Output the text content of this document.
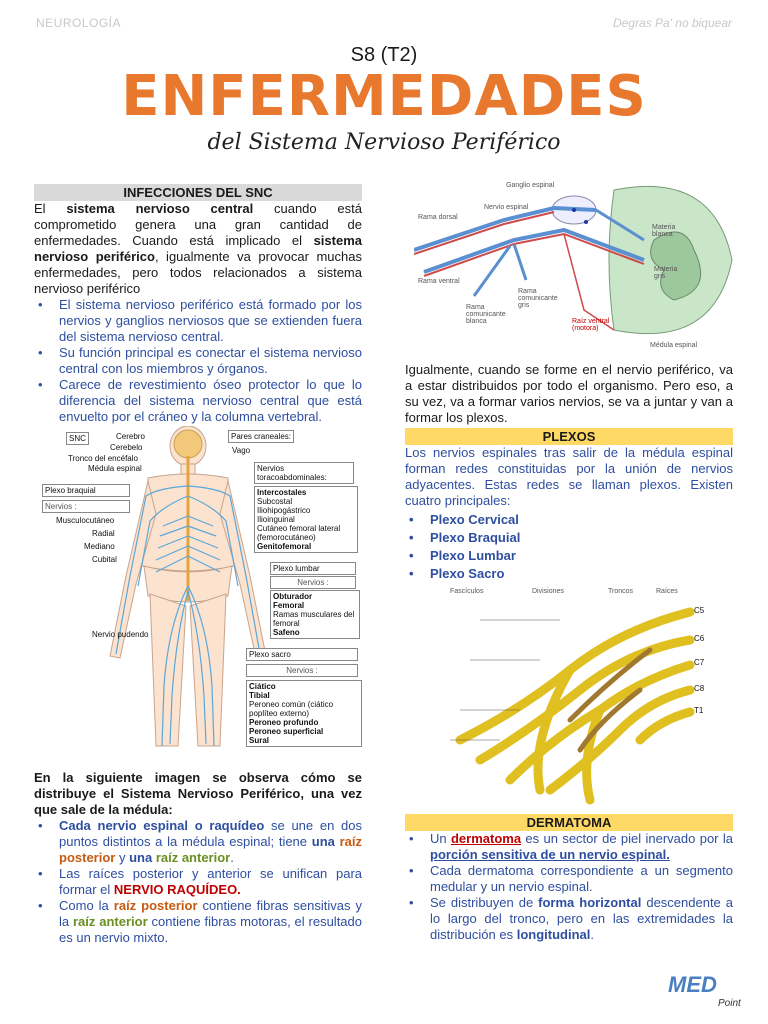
NEUROLOGÍA	Degras Pa' no biquear
S8 (T2)
ENFERMEDADES
del Sistema Nervioso Periférico
INFECCIONES DEL SNC

El sistema nervioso central cuando está comprometido genera una gran cantidad de enfermedades. Cuando está implicado el sistema nervioso periférico, igualmente va provocar muchas enfermedades, pero todos relacionados a sistema nervioso periférico

• El sistema nervioso periférico está formado por los nervios y ganglios nerviosos que se extienden fuera del sistema nervioso central.
• Su función principal es conectar el sistema nervioso central con los miembros y órganos.
• Carece de revestimiento óseo protector lo que lo diferencia del sistema nervioso central que está envuelto por el cráneo y la columna vertebral.
SNC	Cerebro
Cerebelo
Tronco del encéfalo
Médula espinal
Pares craneales:
Vago
Nervios toracoabdominales:
Intercostales
Subcostal
Iliohipogástrico
Ilioinguinal
Cutáneo femoral lateral (femorocutáneo)
Genitofemoral
Plexo braquial
Nervios :
Musculocutáneo
Radial
Mediano
Cubital
Plexo lumbar
Nervios :
Obturador
Femoral
Ramas musculares del femoral
Safeno
Nervio pudendo
Plexo sacro
Nervios :
Ciático
Tibial
Peroneo común (ciático poplíteo externo)
Peroneo profundo
Peroneo superficial
Sural

En la siguiente imagen se observa cómo se distribuye el Sistema Nervioso Periférico, una vez que sale de la médula:

• Cada nervio espinal o raquídeo se une en dos puntos distintos a la médula espinal; tiene una raíz posterior y una raíz anterior.
• Las raíces posterior y anterior se unifican para formar el NERVIO RAQUÍDEO.
• Como la raíz posterior contiene fibras sensitivas y la raíz anterior contiene fibras motoras, el resultado es un nervio mixto.
Ganglio espinal
Nervio espinal
Rama dorsal
Rama ventral
Materia blanca
Materia gris
Rama comunicante gris
Rama comunicante blanca	Raíz ventral (motora)
Médula espinal

Igualmente, cuando se forme en el nervio periférico, va a estar distribuidos por todo el organismo. Pero eso, a su vez, va a formar varios nervios, se va a juntar y van a formar los plexos.

PLEXOS

Los nervios espinales tras salir de la médula espinal forman redes constituidas por la unión de nervios adyacentes. Estas redes se llaman plexos. Existen cuatro principales:

• Plexo Cervical
• Plexo Braquial
• Plexo Lumbar
• Plexo Sacro
Fascículos	Divisiones	Troncos	Raíces
C5
C6
C7
C8
T1
DERMATOMA
• Un dermatoma es un sector de piel inervado por la porción sensitiva de un nervio espinal.
• Cada dermatoma correspondiente a un segmento medular y un nervio espinal.
• Se distribuyen de forma horizontal descendente a lo largo del tronco, pero en las extremidades la distribución es longitudinal.
MED
Point
